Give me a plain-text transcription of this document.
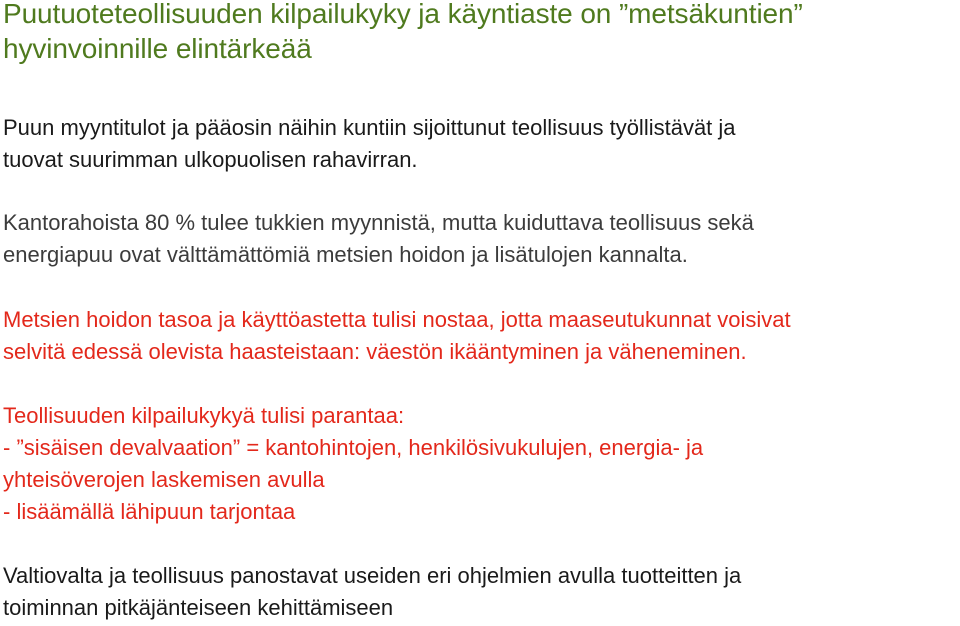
Puutuoteteollisuuden kilpailukyky ja käyntiaste on ”metsäkuntien”
hyvinvoinnille elintärkeää

Puun myyntitulot ja pääosin näihin kuntiin sijoittunut teollisuus työllistävät ja
tuovat suurimman ulkopuolisen rahavirran.

Kantorahoista 80 % tulee tukkien myynnistä, mutta kuiduttava teollisuus sekä
energiapuu ovat välttämättömiä metsien hoidon ja lisätulojen kannalta.

Metsien hoidon tasoa ja käyttöastetta tulisi nostaa, jotta maaseutukunnat voisivat
selvitä edessä olevista haasteistaan: väestön ikääntyminen ja väheneminen.

Teollisuuden kilpailukykyä tulisi parantaa:
- ”sisäisen devalvaation” = kantohintojen, henkilösivukulujen, energia- ja
yhteisöverojen laskemisen avulla
- lisäämällä lähipuun tarjontaa

Valtiovalta ja teollisuus panostavat useiden eri ohjelmien avulla tuotteitten ja
toiminnan pitkäjänteiseen kehittämiseen
